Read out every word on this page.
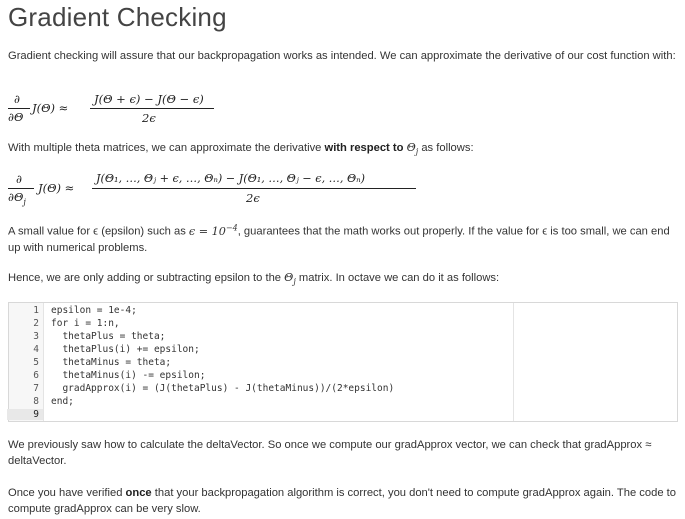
Gradient Checking
Gradient checking will assure that our backpropagation works as intended. We can approximate the derivative of our cost function with:
∂
∂Θ
J(Θ) ≈
J(Θ + ϵ) − J(Θ − ϵ)
2ϵ
With multiple theta matrices, we can approximate the derivative with respect to $\Theta_j$ as follows:
∂
$\partial\Theta_j$
J(Θ) ≈
J(Θ₁, …, Θⱼ + ϵ, …, Θₙ) − J(Θ₁, …, Θⱼ − ϵ, …, Θₙ)
2ϵ
A small value for ϵ (epsilon) such as $\epsilon = 10^{-4}$, guarantees that the math works out properly. If the value for ϵ is too small, we can end up with numerical problems.
Hence, we are only adding or subtracting epsilon to the $\Theta_j$ matrix. In octave we can do it as follows:
1
2
3
4
5
6
7
8
9
epsilon = 1e-4;
for i = 1:n,
thetaPlus = theta;
thetaPlus(i) += epsilon;
thetaMinus = theta;
thetaMinus(i) -= epsilon;
gradApprox(i) = (J(thetaPlus) - J(thetaMinus))/(2*epsilon)
end;
We previously saw how to calculate the deltaVector. So once we compute our gradApprox vector, we can check that gradApprox ≈ deltaVector.
Once you have verified once that your backpropagation algorithm is correct, you don't need to compute gradApprox again. The code to compute gradApprox can be very slow.
